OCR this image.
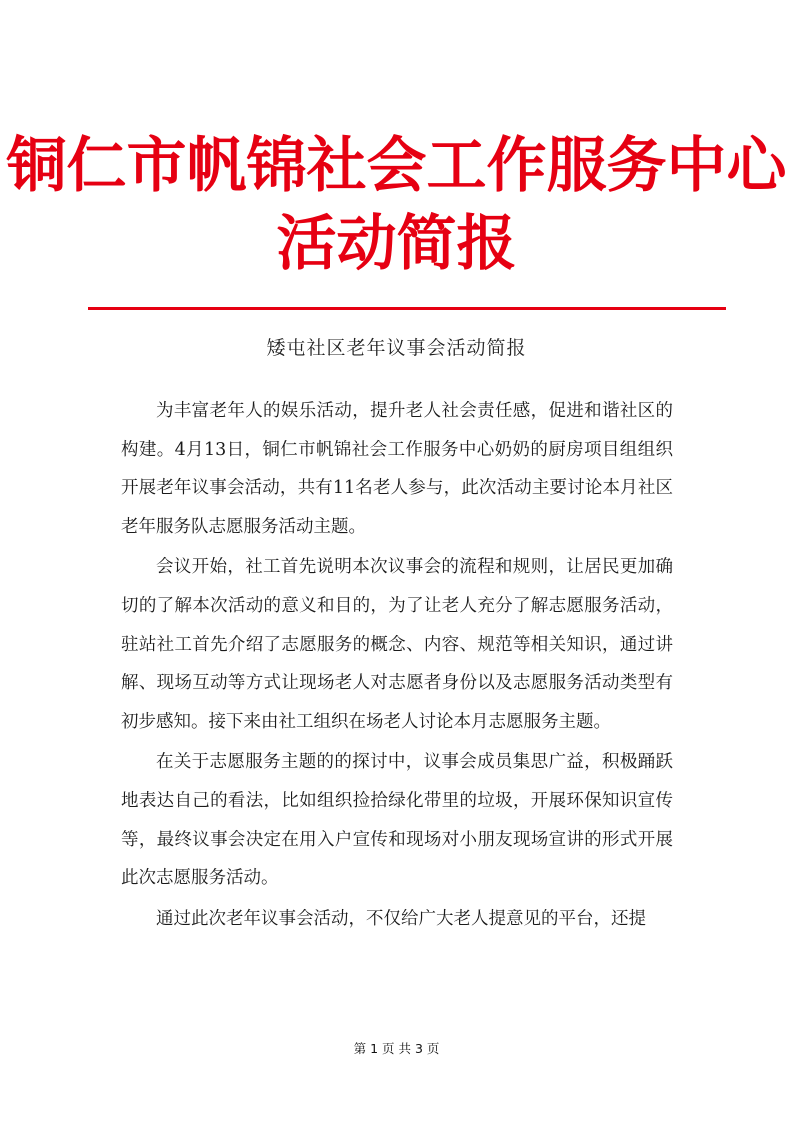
铜仁市帆锦社会工作服务中心
活动简报
矮屯社区老年议事会活动简报

为丰富老年人的娱乐活动，提升老人社会责任感，促进和谐社区的构建。4月13日，铜仁市帆锦社会工作服务中心奶奶的厨房项目组组织开展老年议事会活动，共有11名老人参与，此次活动主要讨论本月社区老年服务队志愿服务活动主题。

会议开始，社工首先说明本次议事会的流程和规则，让居民更加确切的了解本次活动的意义和目的，为了让老人充分了解志愿服务活动，驻站社工首先介绍了志愿服务的概念、内容、规范等相关知识，通过讲解、现场互动等方式让现场老人对志愿者身份以及志愿服务活动类型有初步感知。接下来由社工组织在场老人讨论本月志愿服务主题。

在关于志愿服务主题的的探讨中，议事会成员集思广益，积极踊跃地表达自己的看法，比如组织捡拾绿化带里的垃圾，开展环保知识宣传等，最终议事会决定在用入户宣传和现场对小朋友现场宣讲的形式开展此次志愿服务活动。

通过此次老年议事会活动，不仅给广大老人提意见的平台，还提

第 1 页 共 3 页
